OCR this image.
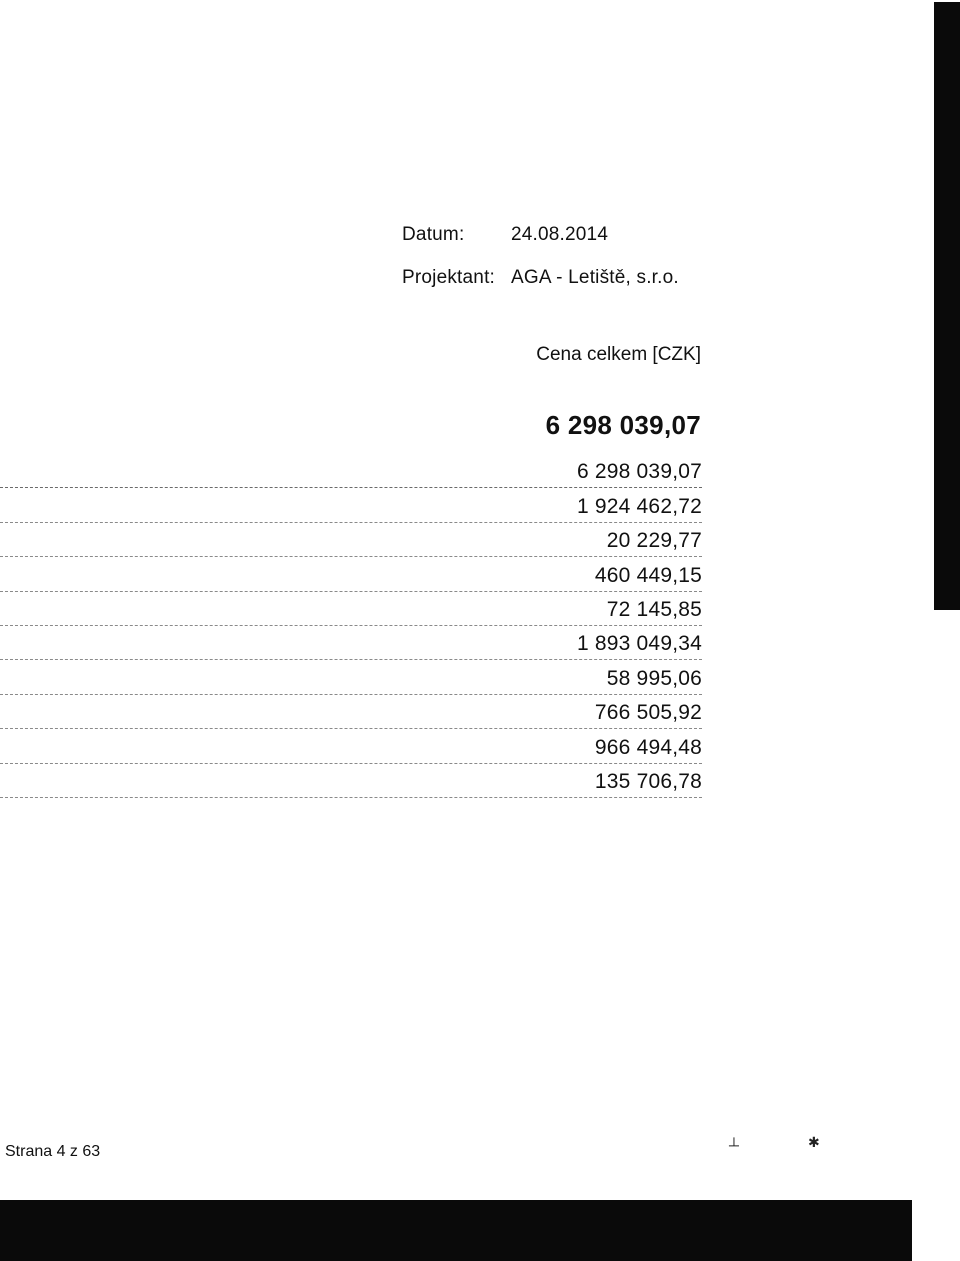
Datum: 24.08.2014
Projektant: AGA - Letiště, s.r.o.
Cena celkem [CZK]
6 298 039,07
6 298 039,07
1 924 462,72
20 229,77
460 449,15
72 145,85
1 893 049,34
58 995,06
766 505,92
966 494,48
135 706,78
Strana 4 z 63	┴	✱
